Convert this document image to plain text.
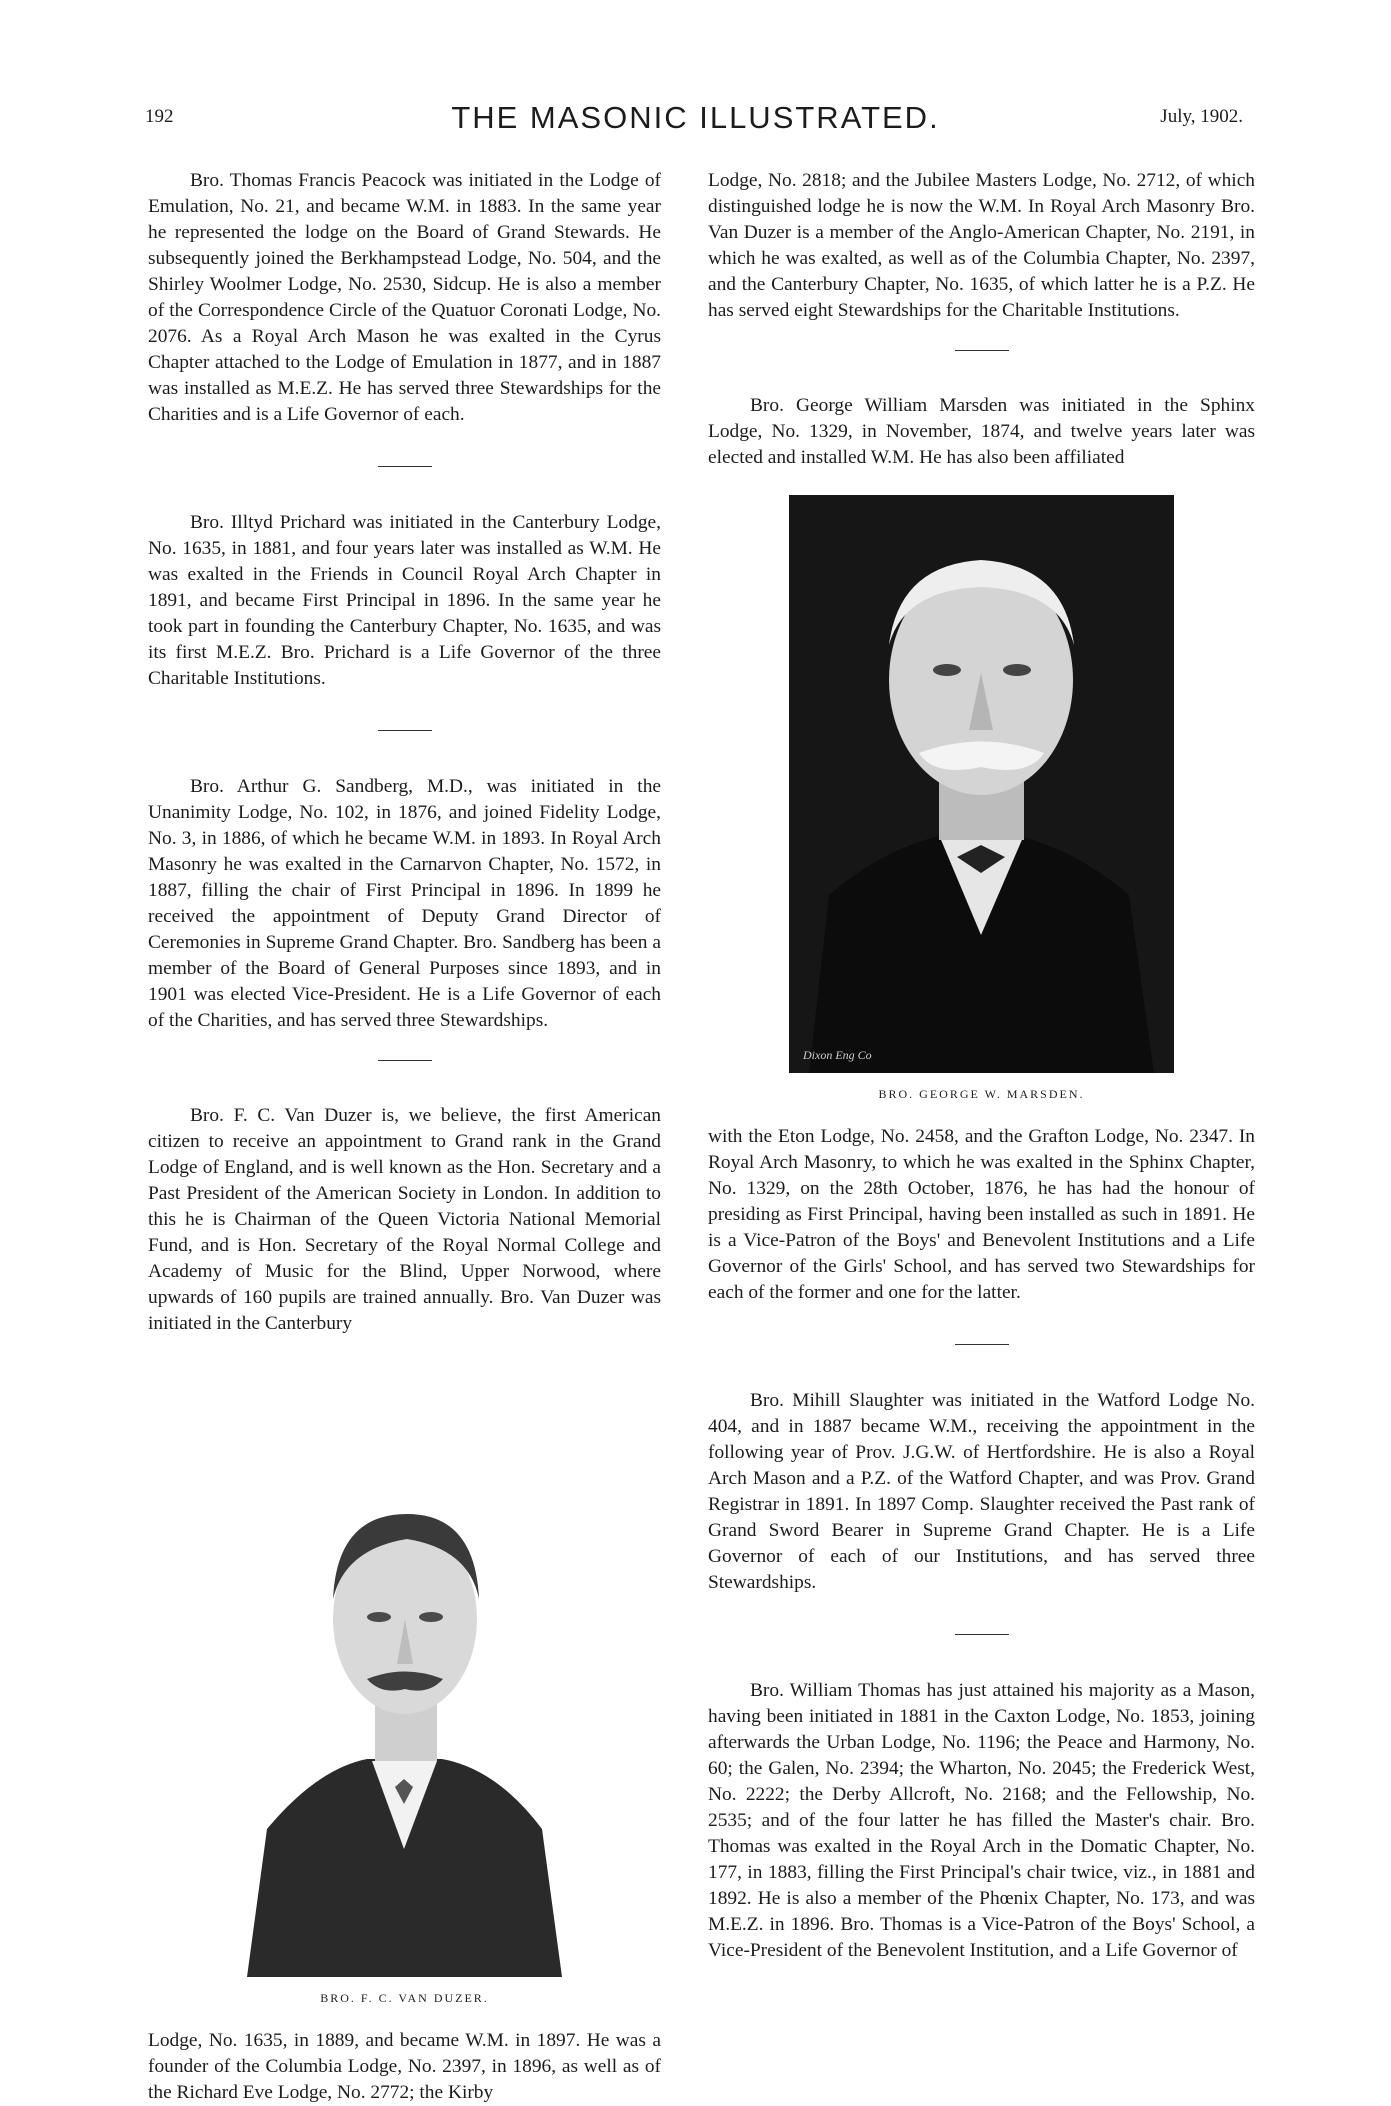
192	THE MASONIC ILLUSTRATED.	July, 1902.

Bro. Thomas Francis Peacock was initiated in the Lodge of Emulation, No. 21, and became W.M. in 1883. In the same year he represented the lodge on the Board of Grand Stewards. He subsequently joined the Berkhampstead Lodge, No. 504, and the Shirley Woolmer Lodge, No. 2530, Sidcup. He is also a member of the Correspondence Circle of the Quatuor Coronati Lodge, No. 2076. As a Royal Arch Mason he was exalted in the Cyrus Chapter attached to the Lodge of Emulation in 1877, and in 1887 was installed as M.E.Z. He has served three Stewardships for the Charities and is a Life Governor of each.

Bro. Illtyd Prichard was initiated in the Canterbury Lodge, No. 1635, in 1881, and four years later was installed as W.M. He was exalted in the Friends in Council Royal Arch Chapter in 1891, and became First Principal in 1896. In the same year he took part in founding the Canterbury Chapter, No. 1635, and was its first M.E.Z. Bro. Prichard is a Life Governor of the three Charitable Institutions.

Bro. Arthur G. Sandberg, M.D., was initiated in the Unanimity Lodge, No. 102, in 1876, and joined Fidelity Lodge, No. 3, in 1886, of which he became W.M. in 1893. In Royal Arch Masonry he was exalted in the Carnarvon Chapter, No. 1572, in 1887, filling the chair of First Principal in 1896. In 1899 he received the appointment of Deputy Grand Director of Ceremonies in Supreme Grand Chapter. Bro. Sandberg has been a member of the Board of General Purposes since 1893, and in 1901 was elected Vice-President. He is a Life Governor of each of the Charities, and has served three Stewardships.

Bro. F. C. Van Duzer is, we believe, the first American citizen to receive an appointment to Grand rank in the Grand Lodge of England, and is well known as the Hon. Secretary and a Past President of the American Society in London. In addition to this he is Chairman of the Queen Victoria National Memorial Fund, and is Hon. Secretary of the Royal Normal College and Academy of Music for the Blind, Upper Norwood, where upwards of 160 pupils are trained annually. Bro. Van Duzer was initiated in the Canterbury

BRO. F. C. VAN DUZER.

Lodge, No. 1635, in 1889, and became W.M. in 1897. He was a founder of the Columbia Lodge, No. 2397, in 1896, as well as of the Richard Eve Lodge, No. 2772; the Kirby

Lodge, No. 2818; and the Jubilee Masters Lodge, No. 2712, of which distinguished lodge he is now the W.M. In Royal Arch Masonry Bro. Van Duzer is a member of the Anglo-American Chapter, No. 2191, in which he was exalted, as well as of the Columbia Chapter, No. 2397, and the Canterbury Chapter, No. 1635, of which latter he is a P.Z. He has served eight Stewardships for the Charitable Institutions.

Bro. George William Marsden was initiated in the Sphinx Lodge, No. 1329, in November, 1874, and twelve years later was elected and installed W.M. He has also been affiliated

Dixon Eng Co
BRO. GEORGE W. MARSDEN.

with the Eton Lodge, No. 2458, and the Grafton Lodge, No. 2347. In Royal Arch Masonry, to which he was exalted in the Sphinx Chapter, No. 1329, on the 28th October, 1876, he has had the honour of presiding as First Principal, having been installed as such in 1891. He is a Vice-Patron of the Boys' and Benevolent Institutions and a Life Governor of the Girls' School, and has served two Stewardships for each of the former and one for the latter.

Bro. Mihill Slaughter was initiated in the Watford Lodge No. 404, and in 1887 became W.M., receiving the appointment in the following year of Prov. J.G.W. of Hertfordshire. He is also a Royal Arch Mason and a P.Z. of the Watford Chapter, and was Prov. Grand Registrar in 1891. In 1897 Comp. Slaughter received the Past rank of Grand Sword Bearer in Supreme Grand Chapter. He is a Life Governor of each of our Institutions, and has served three Stewardships.

Bro. William Thomas has just attained his majority as a Mason, having been initiated in 1881 in the Caxton Lodge, No. 1853, joining afterwards the Urban Lodge, No. 1196; the Peace and Harmony, No. 60; the Galen, No. 2394; the Wharton, No. 2045; the Frederick West, No. 2222; the Derby Allcroft, No. 2168; and the Fellowship, No. 2535; and of the four latter he has filled the Master's chair. Bro. Thomas was exalted in the Royal Arch in the Domatic Chapter, No. 177, in 1883, filling the First Principal's chair twice, viz., in 1881 and 1892. He is also a member of the Phœnix Chapter, No. 173, and was M.E.Z. in 1896. Bro. Thomas is a Vice-Patron of the Boys' School, a Vice-President of the Benevolent Institution, and a Life Governor of
